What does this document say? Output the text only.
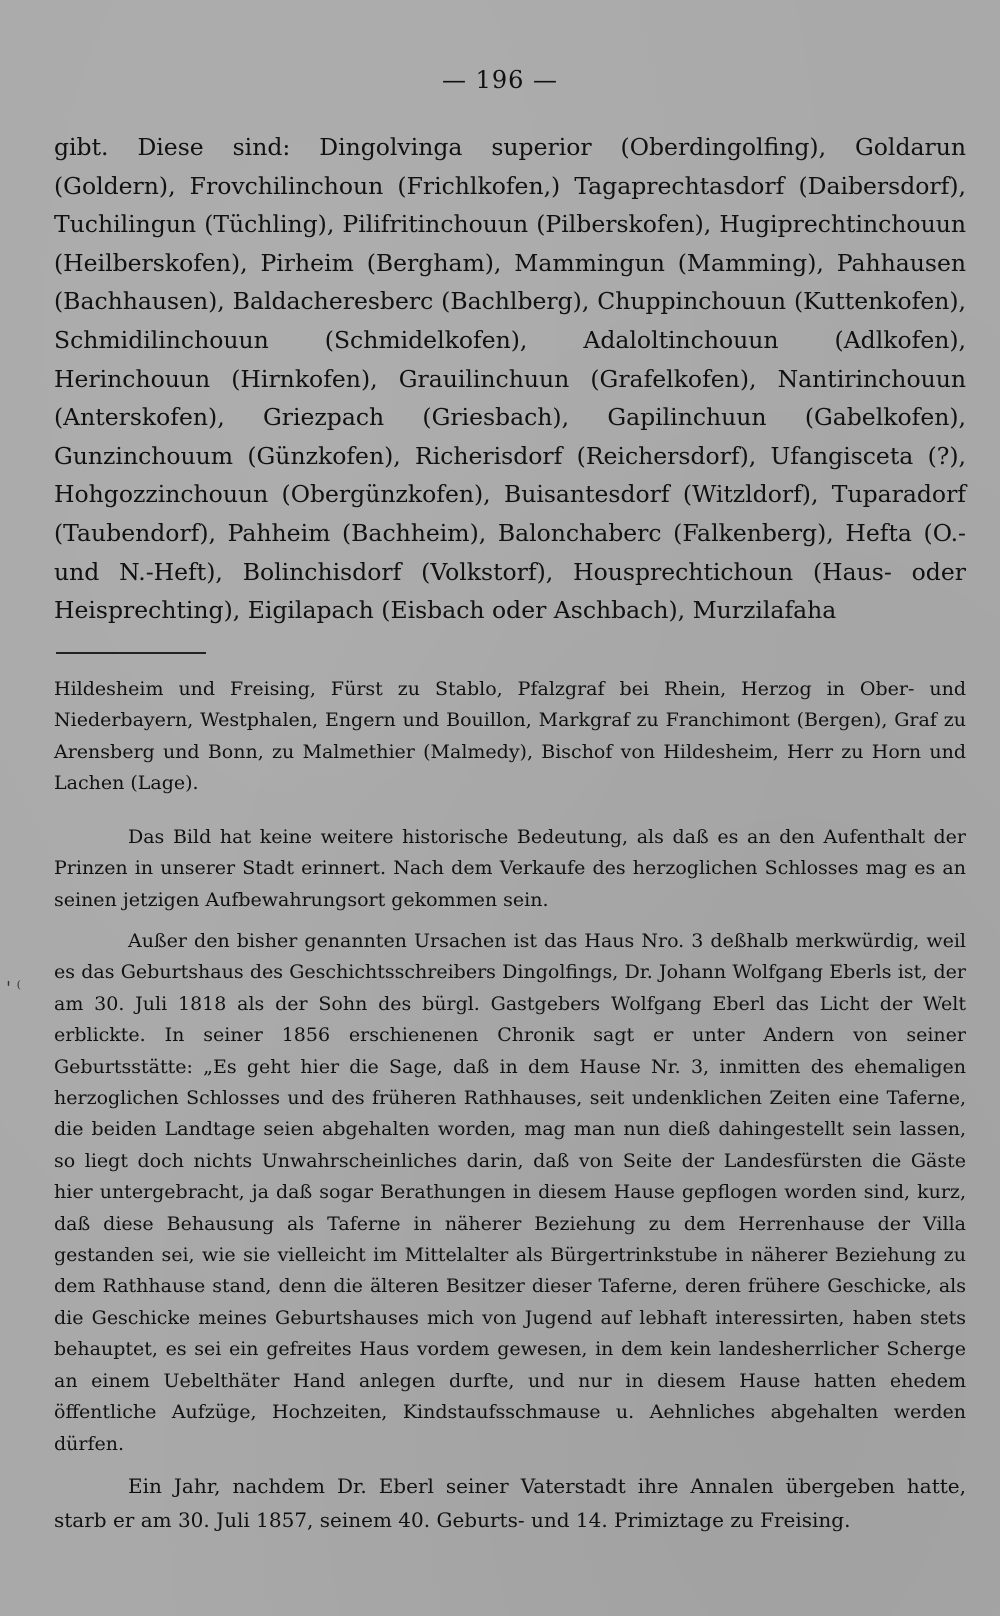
— 196 —

gibt. Diese sind: Dingolvinga superior (Oberdingolfing), Goldarun (Goldern), Frovchilinchoun (Frichlkofen,) Tagaprechtasdorf (Daibersdorf), Tuchilingun (Tüchling), Pilifritinchouun (Pilberskofen), Hugiprechtinchouun (Heilberskofen), Pirheim (Bergham), Mammingun (Mamming), Pahhausen (Bachhausen), Baldacheresberc (Bachlberg), Chuppinchouun (Kuttenkofen), Schmidilinchouun (Schmidelkofen), Adaloltinchouun (Adlkofen), Herinchouun (Hirnkofen), Grauilinchuun (Grafelkofen), Nantirinchouun (Anterskofen), Griezpach (Griesbach), Gapilinchuun (Gabelkofen), Gunzinchouum (Günzkofen), Richerisdorf (Reichersdorf), Ufangisceta (?), Hohgozzinchouun (Obergünzkofen), Buisantesdorf (Witzldorf), Tuparadorf (Taubendorf), Pahheim (Bachheim), Balonchaberc (Falkenberg), Hefta (O.- und N.-Heft), Bolinchisdorf (Volkstorf), Housprechtichoun (Haus- oder Heisprechting), Eigilapach (Eisbach oder Aschbach), Murzilafaha

Hildesheim und Freising, Fürst zu Stablo, Pfalzgraf bei Rhein, Herzog in Ober- und Niederbayern, Westphalen, Engern und Bouillon, Markgraf zu Franchimont (Bergen), Graf zu Arensberg und Bonn, zu Malmethier (Malmedy), Bischof von Hildesheim, Herr zu Horn und Lachen (Lage).

Das Bild hat keine weitere historische Bedeutung, als daß es an den Aufenthalt der Prinzen in unserer Stadt erinnert. Nach dem Verkaufe des herzoglichen Schlosses mag es an seinen jetzigen Aufbewahrungsort gekommen sein.

Außer den bisher genannten Ursachen ist das Haus Nro. 3 deßhalb merkwürdig, weil es das Geburtshaus des Geschichtsschreibers Dingolfings, Dr. Johann Wolfgang Eberls ist, der am 30. Juli 1818 als der Sohn des bürgl. Gastgebers Wolfgang Eberl das Licht der Welt erblickte. In seiner 1856 erschienenen Chronik sagt er unter Andern von seiner Geburtsstätte: „Es geht hier die Sage, daß in dem Hause Nr. 3, inmitten des ehemaligen herzoglichen Schlosses und des früheren Rathhauses, seit undenklichen Zeiten eine Taferne, die beiden Landtage seien abgehalten worden, mag man nun dieß dahingestellt sein lassen, so liegt doch nichts Unwahrscheinliches darin, daß von Seite der Landesfürsten die Gäste hier untergebracht, ja daß sogar Berathungen in diesem Hause gepflogen worden sind, kurz, daß diese Behausung als Taferne in näherer Beziehung zu dem Herrenhause der Villa gestanden sei, wie sie vielleicht im Mittelalter als Bürgertrinkstube in näherer Beziehung zu dem Rathhause stand, denn die älteren Besitzer dieser Taferne, deren frühere Geschicke, als die Geschicke meines Geburtshauses mich von Jugend auf lebhaft interessirten, haben stets behauptet, es sei ein gefreites Haus vordem gewesen, in dem kein landesherrlicher Scherge an einem Uebelthäter Hand anlegen durfte, und nur in diesem Hause hatten ehedem öffentliche Aufzüge, Hochzeiten, Kindstaufsschmause u. Aehnliches abgehalten werden dürfen.

Ein Jahr, nachdem Dr. Eberl seiner Vaterstadt ihre Annalen übergeben hatte, starb er am 30. Juli 1857, seinem 40. Geburts- und 14. Primiztage zu Freising.

' ⁽
